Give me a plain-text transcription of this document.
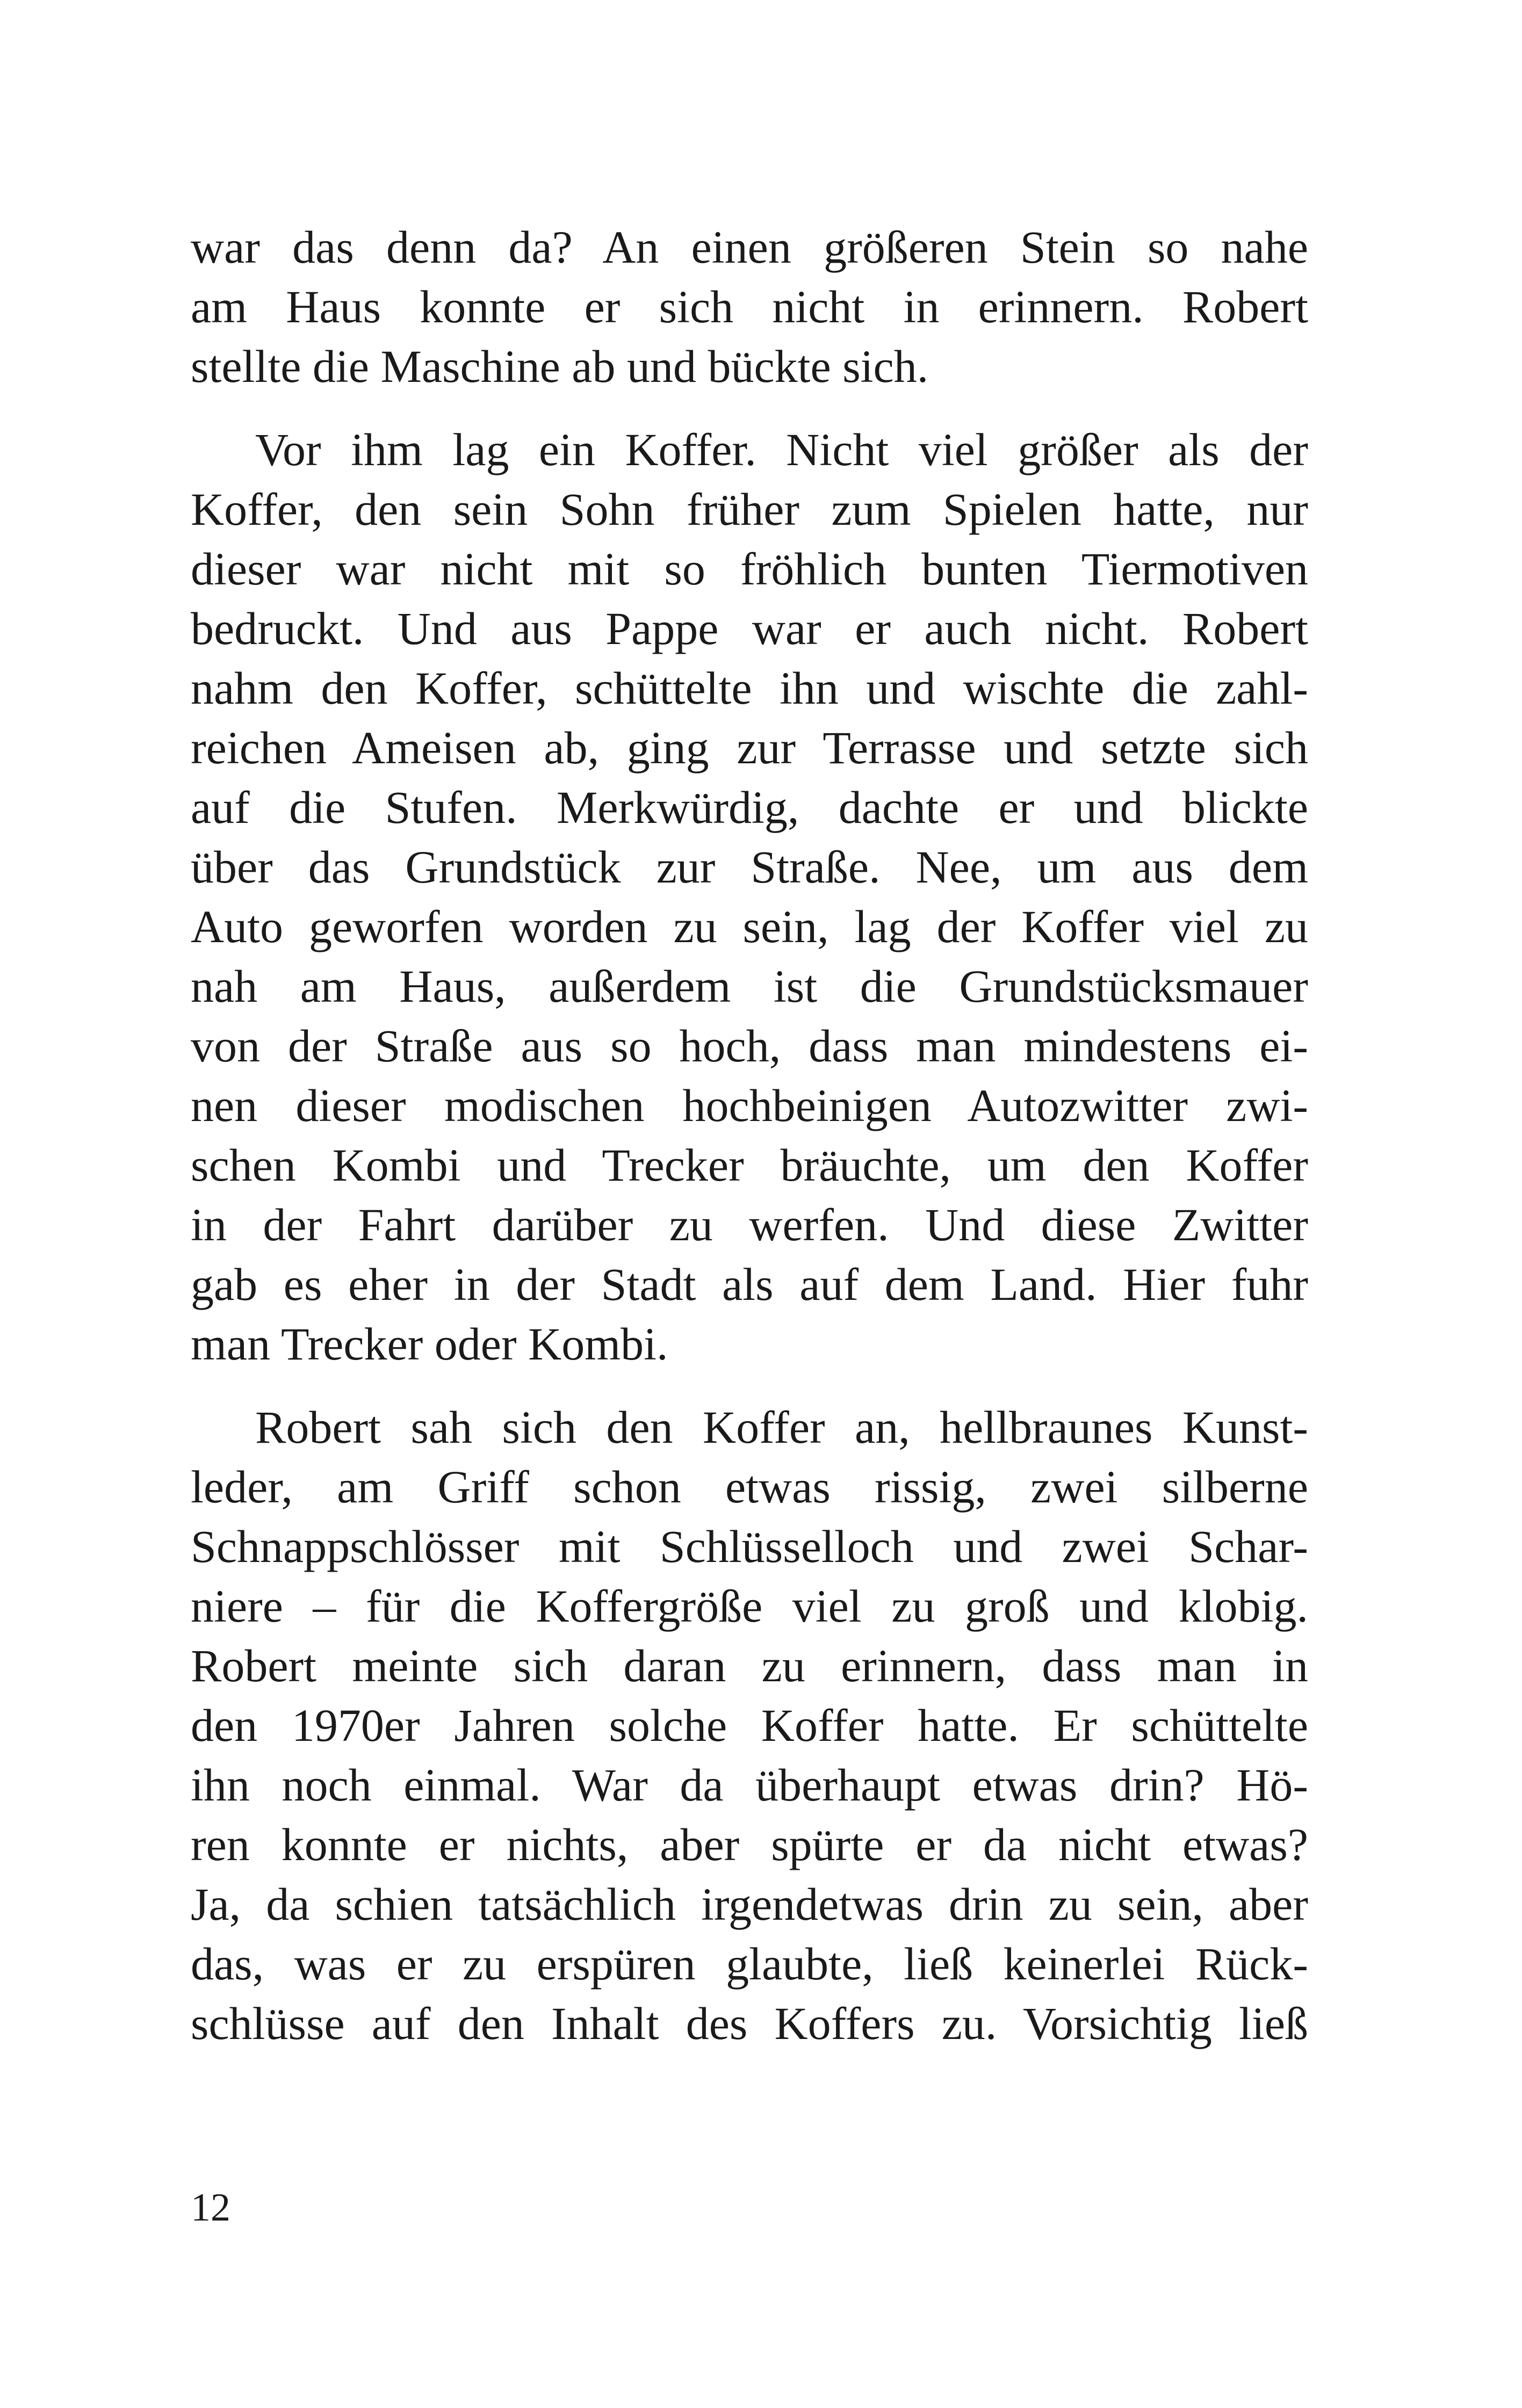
war das denn da? An einen größeren Stein so nahe
am Haus konnte er sich nicht in erinnern. Robert
stellte die Maschine ab und bückte sich.
Vor ihm lag ein Koffer. Nicht viel größer als der
Koffer, den sein Sohn früher zum Spielen hatte, nur
dieser war nicht mit so fröhlich bunten Tiermotiven
bedruckt. Und aus Pappe war er auch nicht. Robert
nahm den Koffer, schüttelte ihn und wischte die zahl-
reichen Ameisen ab, ging zur Terrasse und setzte sich
auf die Stufen. Merkwürdig, dachte er und blickte
über das Grundstück zur Straße. Nee, um aus dem
Auto geworfen worden zu sein, lag der Koffer viel zu
nah am Haus, außerdem ist die Grundstücksmauer
von der Straße aus so hoch, dass man mindestens ei-
nen dieser modischen hochbeinigen Autozwitter zwi-
schen Kombi und Trecker bräuchte, um den Koffer
in der Fahrt darüber zu werfen. Und diese Zwitter
gab es eher in der Stadt als auf dem Land. Hier fuhr
man Trecker oder Kombi.
Robert sah sich den Koffer an, hellbraunes Kunst-
leder, am Griff schon etwas rissig, zwei silberne
Schnappschlösser mit Schlüsselloch und zwei Schar-
niere – für die Koffergröße viel zu groß und klobig.
Robert meinte sich daran zu erinnern, dass man in
den 1970er Jahren solche Koffer hatte. Er schüttelte
ihn noch einmal. War da überhaupt etwas drin? Hö-
ren konnte er nichts, aber spürte er da nicht etwas?
Ja, da schien tatsächlich irgendetwas drin zu sein, aber
das, was er zu erspüren glaubte, ließ keinerlei Rück-
schlüsse auf den Inhalt des Koffers zu. Vorsichtig ließ
12
